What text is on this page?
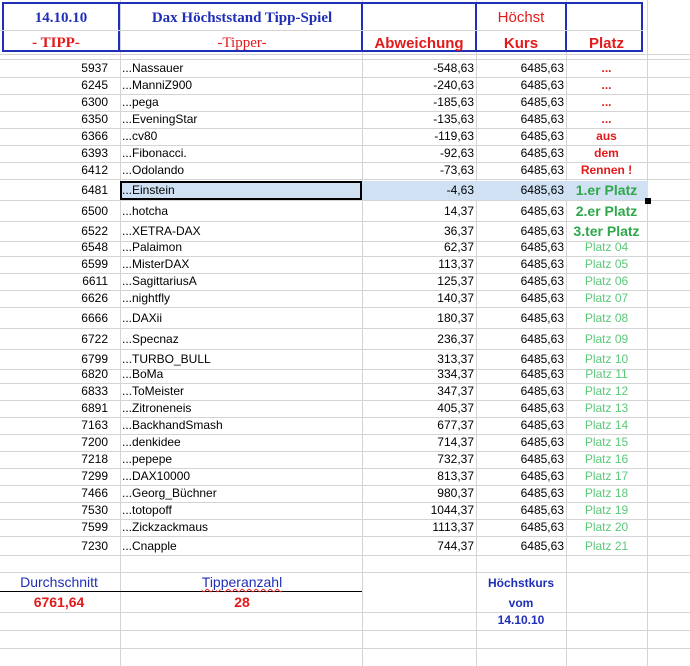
14.10.10	Dax Höchststand Tipp-Spiel	Höchst
- TIPP-	-Tipper-	Abweichung	Kurs	Platz
5937 ...Nassauer	-548,63	6485,63	...
6245 ...ManniZ900	-240,63	6485,63	...
6300 ...pega	-185,63	6485,63	...
6350 ...EveningStar	-135,63	6485,63	...
6366 ...cv80	-119,63	6485,63	aus
6393 ...Fibonacci.	-92,63	6485,63	dem
6412 ...Odolando	-73,63	6485,63	Rennen !
6481 ...Einstein	-4,63	6485,63 1.er Platz
6500 ...hotcha	14,37	6485,63 2.er Platz
6522 ...XETRA-DAX	36,37	6485,63 3.ter Platz
6548 ...Palaimon	62,37	6485,63	Platz 04
6599 ...MisterDAX	113,37	6485,63	Platz 05
6611 ...SagittariusA	125,37	6485,63	Platz 06
6626 ...nightfly	140,37	6485,63	Platz 07
6666 ...DAXii	180,37	6485,63	Platz 08
6722 ...Specnaz	236,37	6485,63	Platz 09
6799 ...TURBO_BULL	313,37	6485,63	Platz 10
6820 ...BoMa	334,37	6485,63	Platz 11
6833 ...ToMeister	347,37	6485,63	Platz 12
6891 ...Zitroneneis	405,37	6485,63	Platz 13
7163 ...BackhandSmash	677,37	6485,63	Platz 14
7200 ...denkidee	714,37	6485,63	Platz 15
7218 ...pepepe	732,37	6485,63	Platz 16
7299 ...DAX10000	813,37	6485,63	Platz 17
7466 ...Georg_Büchner	980,37	6485,63	Platz 18
7530 ...totopoff	1044,37	6485,63	Platz 19
7599 ...Zickzackmaus	1113,37	6485,63	Platz 20
7230 ...Cnapple	744,37	6485,63	Platz 21
Durchschnitt
6761,64
Tipperanzahl
28
Höchstkurs
vom
14.10.10
